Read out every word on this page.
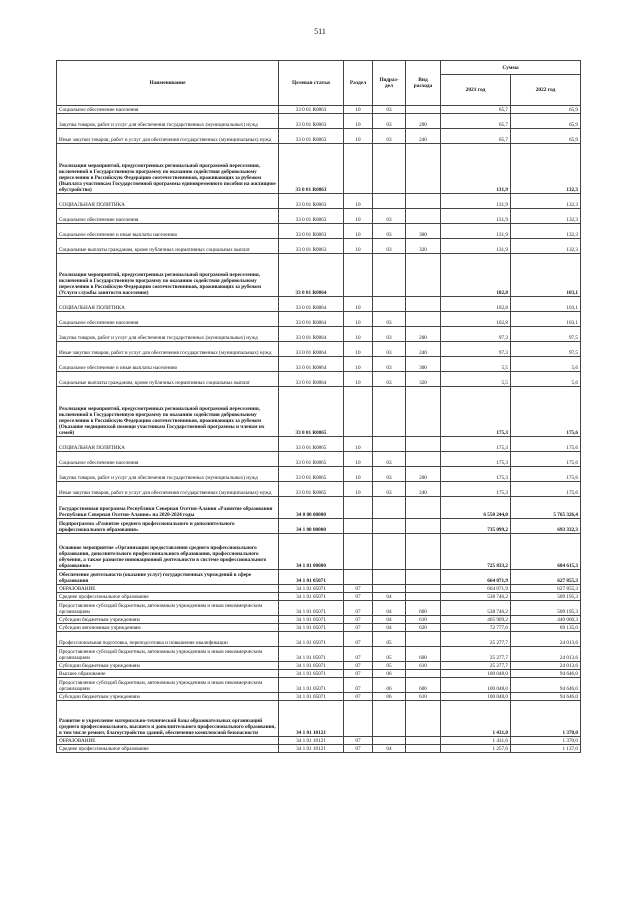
511
Наименование	Целевая статья	Раздел	Подраз-
дел	Вид
расхода	Сумма	
					2021 год	2022 год
Социальное обеспечение населения	33 0 01 R0863	10	03		65,7	65,9
Закупка товаров, работ и услуг для обеспечения государственных (муниципальных) нужд	33 0 01 R0863	10	03	200	65,7	65,9
Иные закупки товаров, работ и услуг для обеспечения государственных (муниципальных) нужд	33 0 01 R0863	10	03	240	65,7	65,9
Реализация мероприятий, предусмотренных региональной программой переселения, включенной в Государственную программу по оказанию содействия добровольному переселению в Российскую Федерацию соотечественников, проживающих за рубежом (Выплата участникам Государственной программы единовременного пособия на жилищное обустройство)	33 0 01 R0863				131,9	132,3
СОЦИАЛЬНАЯ ПОЛИТИКА	33 0 01 R0863	10			131,9	132,3
Социальное обеспечение населения	33 0 01 R0863	10	03		131,9	132,3
Социальное обеспечение и иные выплаты населению	33 0 01 R0863	10	03	300	131,9	132,3
Социальные выплаты гражданам, кроме публичных нормативных социальных выплат	33 0 01 R0863	10	03	320	131,9	132,3
Реализация мероприятий, предусмотренных региональной программой переселения, включенной в Государственную программу по оказанию содействия добровольному переселению в Российскую Федерацию соотечественников, проживающих за рубежом (Услуги службы занятости населения)	33 0 01 R0864				102,8	103,1
СОЦИАЛЬНАЯ ПОЛИТИКА	33 0 01 R0864	10			102,8	103,1
Социальное обеспечение населения	33 0 01 R0864	10	03		102,8	103,1
Закупка товаров, работ и услуг для обеспечения государственных (муниципальных) нужд	33 0 01 R0864	10	03	200	97,3	97,5
Иные закупки товаров, работ и услуг для обеспечения государственных (муниципальных) нужд	33 0 01 R0864	10	03	240	97,3	97,5
Социальное обеспечение и иные выплаты населению	33 0 01 R0864	10	03	300	5,5	5,6
Социальные выплаты гражданам, кроме публичных нормативных социальных выплат	33 0 01 R0864	10	03	320	5,5	5,6
Реализация мероприятий, предусмотренных региональной программой переселения, включенной в Государственную программу по оказанию содействия добровольному переселению в Российскую Федерацию соотечественников, проживающих за рубежом (Оказание медицинской помощи участникам Государственной программы и членам их семей)	33 0 01 R0865				175,3	175,6
СОЦИАЛЬНАЯ ПОЛИТИКА	33 0 01 R0865	10			175,3	175,6
Социальное обеспечение населения	33 0 01 R0865	10	03		175,3	175,6
Закупка товаров, работ и услуг для обеспечения государственных (муниципальных) нужд	33 0 01 R0865	10	03	200	175,3	175,6
Иные закупки товаров, работ и услуг для обеспечения государственных (муниципальных) нужд	33 0 01 R0865	10	03	240	175,3	175,6
Государственная программа Республики Северная Осетия-Алания «Развитие образования Республики Северная Осетия-Алания» на 2020-2024 годы	34 0 00 00000				6 550 244,0	5 765 326,4
Подпрограмма «Развитие среднего профессионального и дополнительного профессионального образования»	34 1 00 00000				735 099,2	693 332,3
Основное мероприятие «Организация предоставления среднего профессионального образования, дополнительного профессионального образования, профессионального обучения, а также развитие инновационной деятельности в системе профессионального образования»	34 1 01 00000				725 833,2	684 615,3
Обеспечение деятельности (оказание услуг) государственных учреждений в сфере образования	34 1 01 05071				664 071,9	627 855,3
ОБРАЗОВАНИЕ	34 1 01 05071	07			664 071,9	627 855,3
Среднее профессиональное образование	34 1 01 05071	07	04		538 746,2	509 195,3
Предоставление субсидий бюджетным, автономным учреждениям и иным некоммерческим организациям	34 1 01 05071	07	04	600	538 746,2	509 195,3
Субсидии бюджетным учреждениям	34 1 01 05071	07	04	610	465 969,2	440 060,3
Субсидии автономным учреждениям	34 1 01 05071	07	04	620	72 777,0	69 135,0
Профессиональная подготовка, переподготовка и повышение квалификации	34 1 01 05071	07	05		25 277,7	24 013,6
Предоставление субсидий бюджетным, автономным учреждениям и иным некоммерческим организациям	34 1 01 05071	07	05	600	25 277,7	24 013,6
Субсидии бюджетным учреждениям	34 1 01 05071	07	05	610	25 277,7	24 013,6
Высшее образование	34 1 01 05071	07	06		100 048,0	94 646,0
Предоставление субсидий бюджетным, автономным учреждениям и иным некоммерческим организациям	34 1 01 05071	07	06	600	100 048,0	94 646,0
Субсидии бюджетным учреждениям	34 1 01 05071	07	06	610	100 048,0	94 646,0
Развитие и укрепление материально-технической базы образовательных организаций среднего профессионального, высшего и дополнительного профессионального образования, в том числе ремонт, благоустройство зданий, обеспечение комплексной безопасности	34 1 01 10121				1 431,0	1 370,0
ОБРАЗОВАНИЕ	34 1 01 10121	07			1 431,0	1 370,0
Среднее профессиональное образование	34 1 01 10121	07	04		1 257,0	1 137,0
